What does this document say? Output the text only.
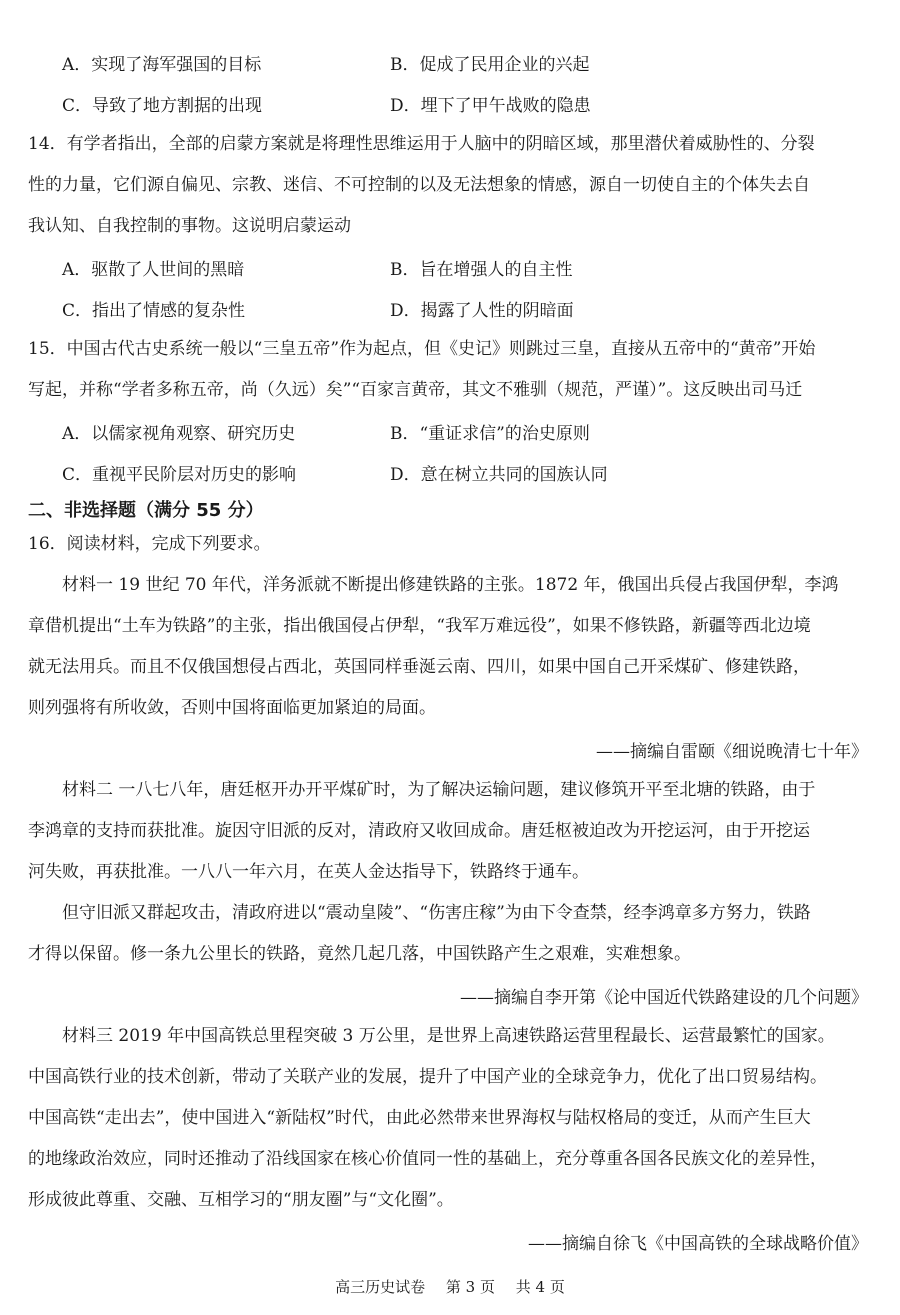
A．实现了海军强国的目标	B．促成了民用企业的兴起
C．导致了地方割据的出现	D．埋下了甲午战败的隐患
14．有学者指出，全部的启蒙方案就是将理性思维运用于人脑中的阴暗区域，那里潜伏着威胁性的、分裂
性的力量，它们源自偏见、宗教、迷信、不可控制的以及无法想象的情感，源自一切使自主的个体失去自
我认知、自我控制的事物。这说明启蒙运动
A．驱散了人世间的黑暗	B．旨在增强人的自主性
C．指出了情感的复杂性	D．揭露了人性的阴暗面
15．中国古代古史系统一般以“三皇五帝”作为起点，但《史记》则跳过三皇，直接从五帝中的“黄帝”开始
写起，并称“学者多称五帝，尚（久远）矣”“百家言黄帝，其文不雅驯（规范，严谨）”。这反映出司马迁
A．以儒家视角观察、研究历史	B．“重证求信”的治史原则
C．重视平民阶层对历史的影响	D．意在树立共同的国族认同
二、非选择题（满分 55 分）
16．阅读材料，完成下列要求。
材料一 19 世纪 70 年代，洋务派就不断提出修建铁路的主张。1872 年，俄国出兵侵占我国伊犁，李鸿
章借机提出“土车为铁路”的主张，指出俄国侵占伊犁，“我军万难远役”，如果不修铁路，新疆等西北边境
就无法用兵。而且不仅俄国想侵占西北，英国同样垂涎云南、四川，如果中国自己开采煤矿、修建铁路，
则列强将有所收敛，否则中国将面临更加紧迫的局面。
——摘编自雷颐《细说晚清七十年》
材料二 一八七八年，唐廷枢开办开平煤矿时，为了解决运输问题，建议修筑开平至北塘的铁路，由于
李鸿章的支持而获批准。旋因守旧派的反对，清政府又收回成命。唐廷枢被迫改为开挖运河，由于开挖运
河失败，再获批准。一八八一年六月，在英人金达指导下，铁路终于通车。
但守旧派又群起攻击，清政府进以“震动皇陵”、“伤害庄稼”为由下令查禁，经李鸿章多方努力，铁路
才得以保留。修一条九公里长的铁路，竟然几起几落，中国铁路产生之艰难，实难想象。
——摘编自李开第《论中国近代铁路建设的几个问题》
材料三 2019 年中国高铁总里程突破 3 万公里，是世界上高速铁路运营里程最长、运营最繁忙的国家。
中国高铁行业的技术创新，带动了关联产业的发展，提升了中国产业的全球竞争力，优化了出口贸易结构。
中国高铁“走出去”，使中国进入“新陆权”时代，由此必然带来世界海权与陆权格局的变迁，从而产生巨大
的地缘政治效应，同时还推动了沿线国家在核心价值同一性的基础上，充分尊重各国各民族文化的差异性，
形成彼此尊重、交融、互相学习的“朋友圈”与“文化圈”。
——摘编自徐飞《中国高铁的全球战略价值》
高三历史试卷 第 3 页 共 4 页
